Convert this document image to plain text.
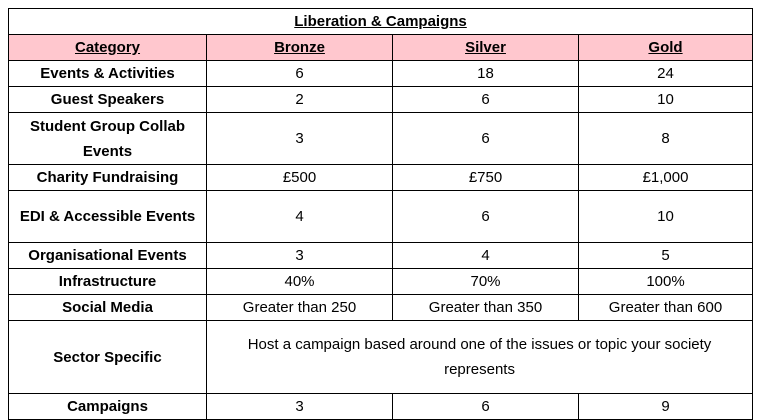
Liberation & Campaigns			
Category	Bronze	Silver	Gold
Events & Activities	6	18	24
Guest Speakers	2	6	10
Student Group Collab Events	3	6	8
Charity Fundraising	£500	£750	£1,000
EDI & Accessible Events	4	6	10
Organisational Events	3	4	5
Infrastructure	40%	70%	100%
Social Media	Greater than 250	Greater than 350	Greater than 600
Sector Specific	Host a campaign based around one of the issues or topic your society represents		
Campaigns	3	6	9
